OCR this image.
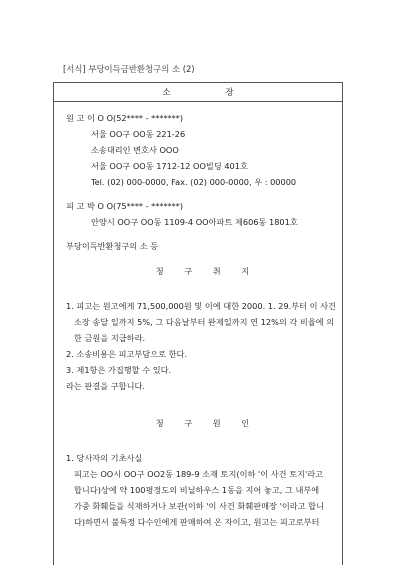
[서식] 부당이득금반환청구의 소 (2)
소 장
원 고 이 O O(52**** - *******)
서울 OO구 OO동 221-26
소송대리인 변호사 OOO
서울 OO구 OO동 1712-12 OO빌딩 401호
Tel. (02) 000-0000, Fax. (02) 000-0000, 우 : 00000
피 고 박 O O(75**** - *******)
안양시 OO구 OO동 1109-4 OO아파트 제606동 1801호
부당이득반환청구의 소 등
청 구 취 지
1. 피고는 원고에게 71,500,000원 및 이에 대한 2000. 1. 29.부터 이 사건
소장 송달 일까지 5%, 그 다음날부터 완제일까지 연 12%의 각 비율에 의
한 금원을 지급하라.
2. 소송비용은 피고부담으로 한다.
3. 제1항은 가집행할 수 있다.
라는 판결을 구합니다.
청 구 원 인
1. 당사자의 기초사실
피고는 OO시 OO구 OO2동 189-9 소재 토지(이하 '이 사건 토지'라고
합니다)상에 약 100평정도의 비닐하우스 1동을 지어 놓고, 그 내부에
가중 화훼들을 식재하거나 보관(이하 '이 사건 화훼판매장 '이라고 합니
다)하면서 불특정 다수인에게 판매하여 온 자이고, 원고는 피고로부터
